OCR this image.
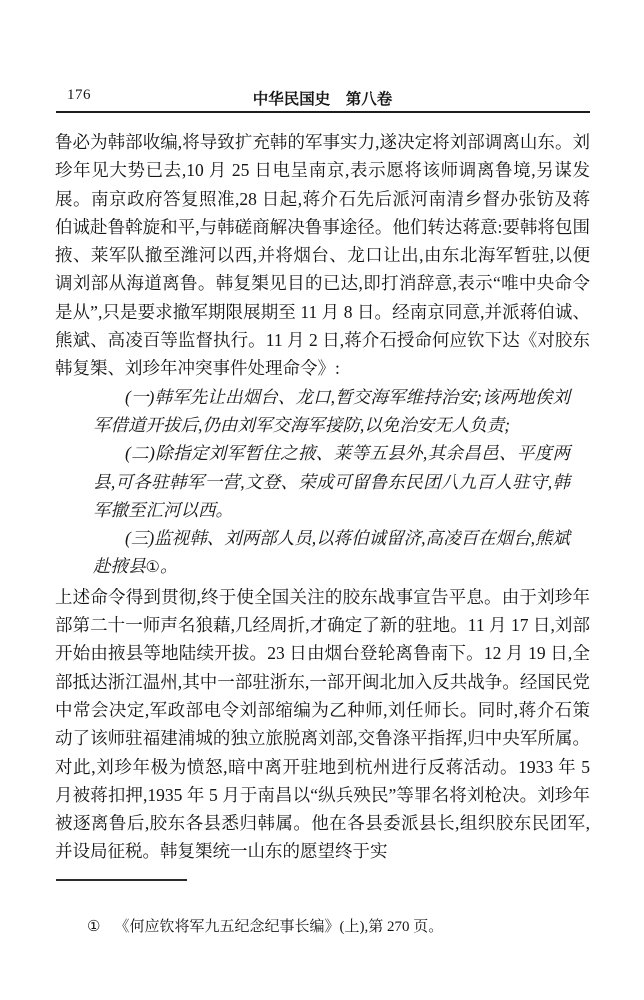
176	中华民国史　第八卷

鲁必为韩部收编,将导致扩充韩的军事实力,遂决定将刘部调离山东。刘珍年见大势已去,10 月 25 日电呈南京,表示愿将该师调离鲁境,另谋发展。南京政府答复照准,28 日起,蒋介石先后派河南清乡督办张钫及蒋伯诚赴鲁斡旋和平,与韩磋商解决鲁事途径。他们转达蒋意:要韩将包围掖、莱军队撤至潍河以西,并将烟台、龙口让出,由东北海军暂驻,以便调刘部从海道离鲁。韩复榘见目的已达,即打消辞意,表示“唯中央命令是从”,只是要求撤军期限展期至 11 月 8 日。经南京同意,并派蒋伯诚、熊斌、高凌百等监督执行。11 月 2 日,蒋介石授命何应钦下达《对胶东韩复榘、刘珍年冲突事件处理命令》:

(一)韩军先让出烟台、龙口,暂交海军维持治安;该两地俟刘军借道开拔后,仍由刘军交海军接防,以免治安无人负责;

(二)除指定刘军暂住之掖、莱等五县外,其余昌邑、平度两县,可各驻韩军一营,文登、荣成可留鲁东民团八九百人驻守,韩军撤至汇河以西。

(三)监视韩、刘两部人员,以蒋伯诚留济,高凌百在烟台,熊斌赴掖县①。

上述命令得到贯彻,终于使全国关注的胶东战事宣告平息。由于刘珍年部第二十一师声名狼藉,几经周折,才确定了新的驻地。11 月 17 日,刘部开始由掖县等地陆续开拔。23 日由烟台登轮离鲁南下。12 月 19 日,全部抵达浙江温州,其中一部驻浙东,一部开闽北加入反共战争。经国民党中常会决定,军政部电令刘部缩编为乙种师,刘任师长。同时,蒋介石策动了该师驻福建浦城的独立旅脱离刘部,交鲁涤平指挥,归中央军所属。对此,刘珍年极为愤怒,暗中离开驻地到杭州进行反蒋活动。1933 年 5 月被蒋扣押,1935 年 5 月于南昌以“纵兵殃民”等罪名将刘枪决。刘珍年被逐离鲁后,胶东各县悉归韩属。他在各县委派县长,组织胶东民团军,并设局征税。韩复榘统一山东的愿望终于实

① 《何应钦将军九五纪念纪事长编》(上),第 270 页。
